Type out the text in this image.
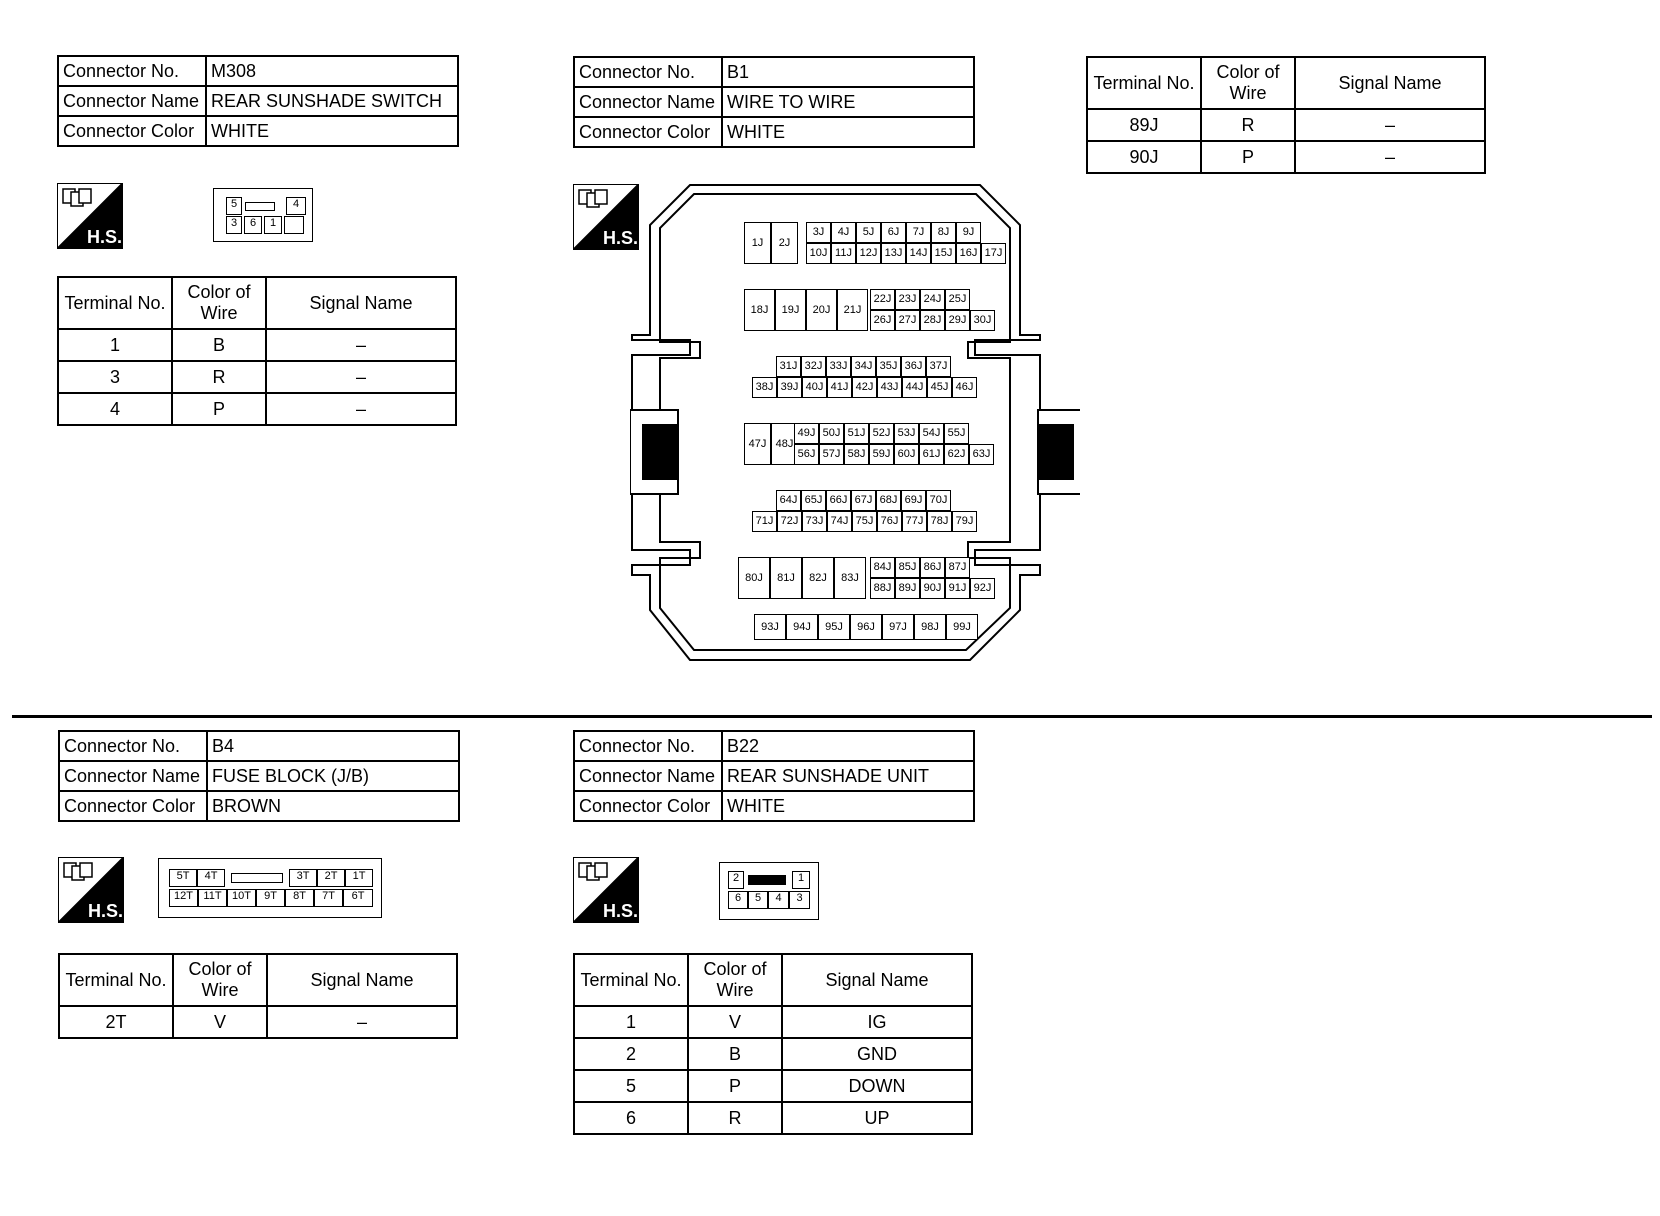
Connector No.	M308
Connector Name	REAR SUNSHADE SWITCH
Connector Color	WHITE
H.S.
5	4
3	6	1
Terminal No.	Color of
Wire	Signal Name
1	B	–
3	R	–
4	P	–
Connector No.	B1
Connector Name	WIRE TO WIRE
Connector Color	WHITE
H.S.	1J	2J
3J	4J	5J	6J	7J	8J	9J
10J 11J 12J 13J 14J 15J 16J 17J
18J	19J	20J	21J
22J 23J 24J 25J
26J 27J 28J 29J 30J
31J 32J 33J 34J 35J 36J 37J
38J 39J 40J 41J 42J 43J 44J 45J 46J
47J 48J
49J 50J 51J 52J 53J 54J 55J
56J 57J 58J 59J 60J 61J 62J 63J
64J 65J 66J 67J 68J 69J 70J
71J 72J 73J 74J 75J 76J 77J 78J 79J
80J	81J	82J	83J
84J 85J 86J 87J
88J 89J 90J 91J 92J
93J	94J	95J	96J	97J	98J	99J
Terminal No.	Color of
Wire	Signal Name
89J	R	–
90J	P	–
Connector No.	B4
Connector Name	FUSE BLOCK (J/B)
Connector Color	BROWN
H.S.
5T	4T	3T	2T	1T
12T 11T 10T	9T	8T	7T	6T
Terminal No.	Color of
Wire	Signal Name
2T	V	–
Connector No.	B22
Connector Name	REAR SUNSHADE UNIT
Connector Color	WHITE
H.S.
2	1
6	5	4	3
Terminal No.	Color of
Wire	Signal Name
1	V	IG
2	B	GND
5	P	DOWN
6	R	UP
